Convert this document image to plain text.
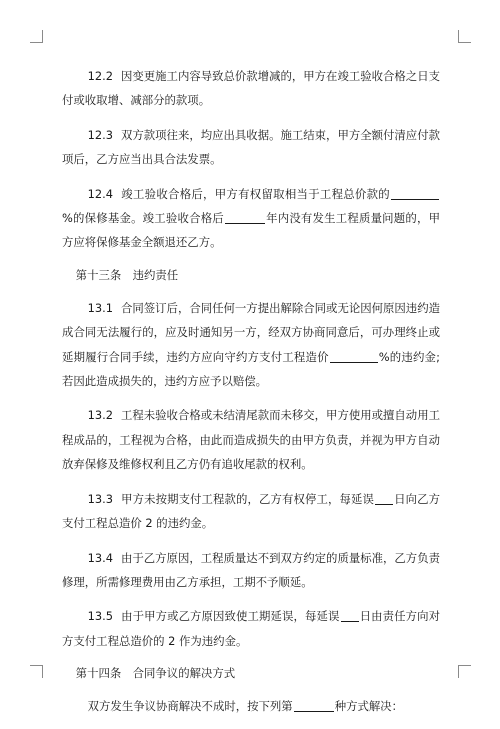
12.2 因变更施工内容导致总价款增减的，甲方在竣工验收合格之日支付或收取增、减部分的款项。

12.3 双方款项往来，均应出具收据。施工结束，甲方全额付清应付款项后，乙方应当出具合法发票。

12.4 竣工验收合格后，甲方有权留取相当于工程总价款的%的保修基金。竣工验收合格后	年内没有发生工程质量问题的，甲方应将保修基金全额退还乙方。

第十三条　违约责任

13.1 合同签订后，合同任何一方提出解除合同或无论因何原因违约造成合同无法履行的，应及时通知另一方，经双方协商同意后，可办理终止或延期履行合同手续，违约方应向守约方支付工程造价	%的违约金;若因此造成损失的，违约方应予以赔偿。

13.2 工程未验收合格或未结清尾款而未移交，甲方使用或擅自动用工程成品的，工程视为合格，由此而造成损失的由甲方负责，并视为甲方自动放弃保修及维修权利且乙方仍有追收尾款的权利。

13.3 甲方未按期支付工程款的，乙方有权停工，每延误 日向乙方支付工程总造价 2 的违约金。

13.4 由于乙方原因，工程质量达不到双方约定的质量标准，乙方负责修理，所需修理费用由乙方承担，工期不予顺延。

13.5 由于甲方或乙方原因致使工期延误，每延误 日由责任方向对方支付工程总造价的 2 作为违约金。

第十四条　合同争议的解决方式

双方发生争议协商解决不成时，按下列第	种方式解决：
